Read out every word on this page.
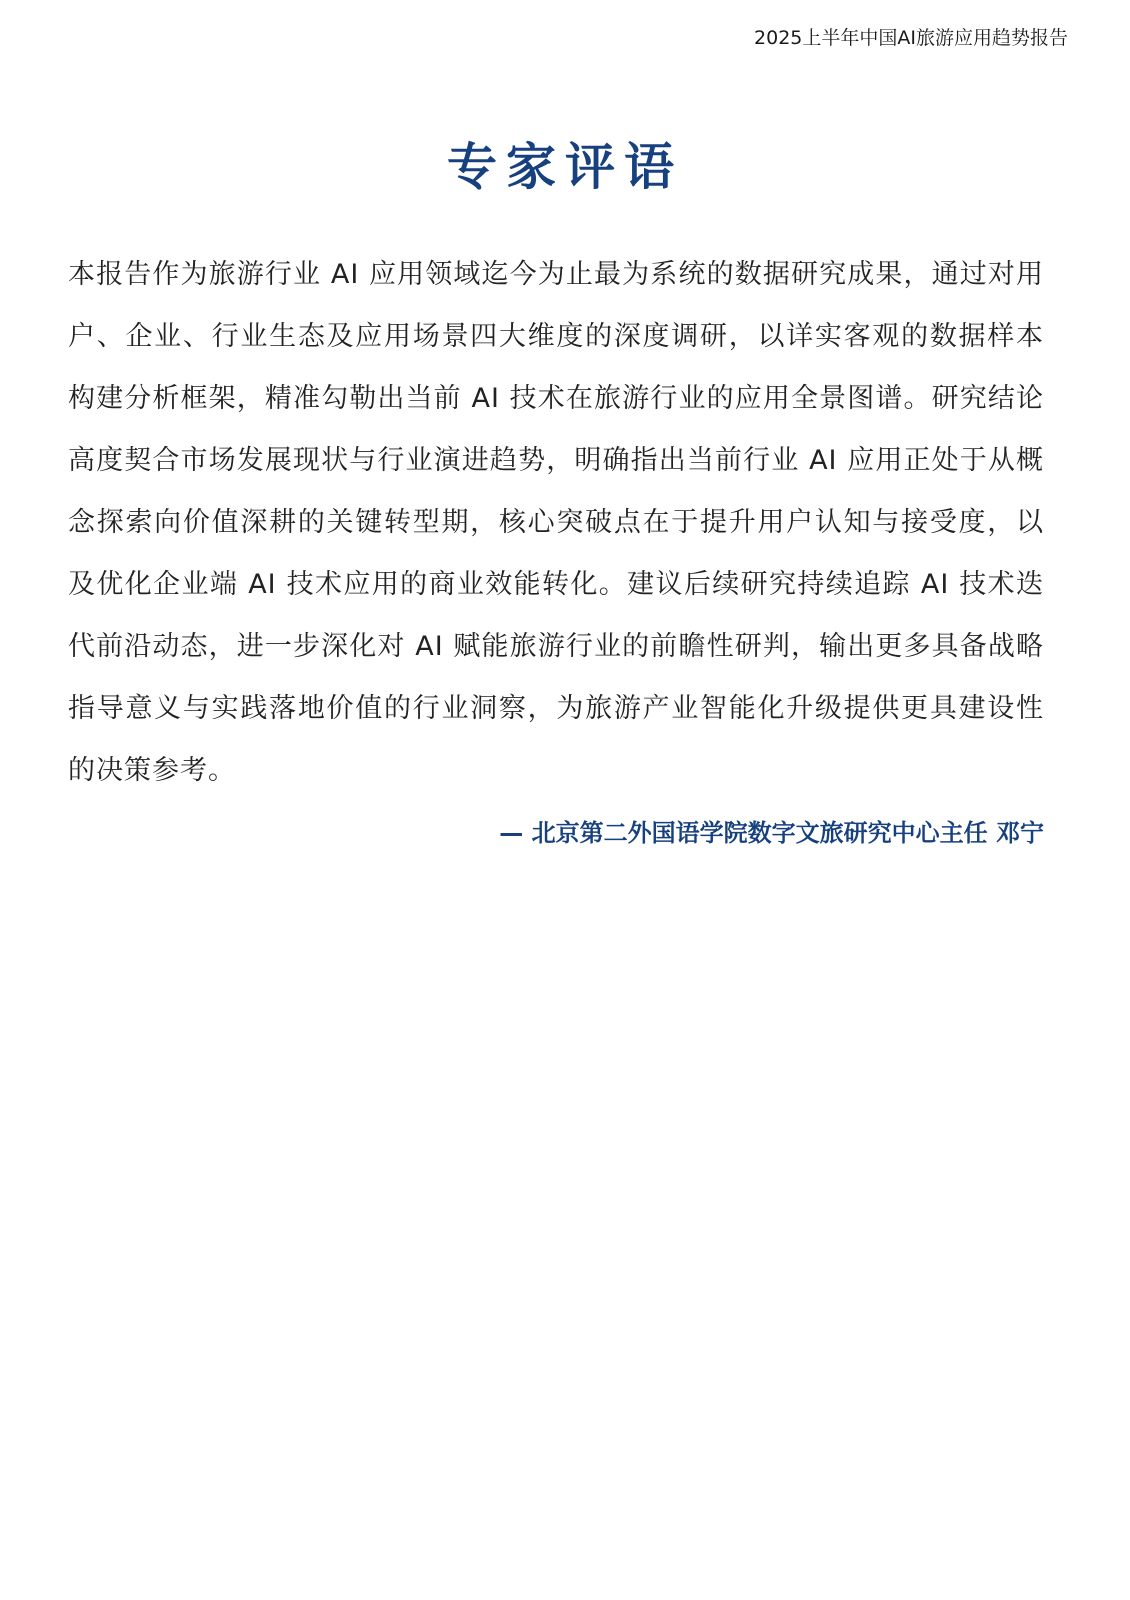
2025上半年中国AI旅游应用趋势报告
专家评语

本报告作为旅游行业 AI 应用领域迄今为止最为系统的数据研究成果，通过对用户、企业、行业生态及应用场景四大维度的深度调研，以详实客观的数据样本构建分析框架，精准勾勒出当前 AI 技术在旅游行业的应用全景图谱。研究结论高度契合市场发展现状与行业演进趋势，明确指出当前行业 AI 应用正处于从概念探索向价值深耕的关键转型期，核心突破点在于提升用户认知与接受度，以及优化企业端 AI 技术应用的商业效能转化。建议后续研究持续追踪 AI 技术迭代前沿动态，进一步深化对 AI 赋能旅游行业的前瞻性研判，输出更多具备战略指导意义与实践落地价值的行业洞察，为旅游产业智能化升级提供更具建设性的决策参考。

— 北京第二外国语学院数字文旅研究中心主任 邓宁
